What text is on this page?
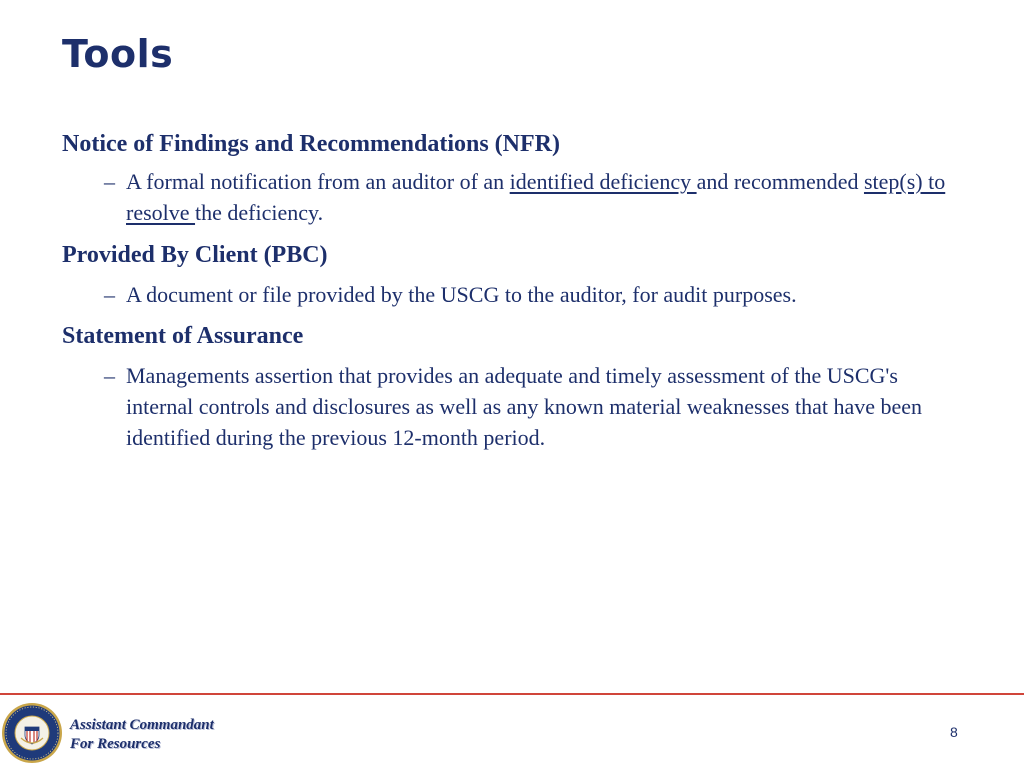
Tools
Notice of Findings and Recommendations (NFR)

– A formal notification from an auditor of an identified deficiency and recommended step(s) to resolve the deficiency.

Provided By Client (PBC)

– A document or file provided by the USCG to the auditor, for audit purposes.

Statement of Assurance

– Managements assertion that provides an adequate and timely assessment of the USCG's internal controls and disclosures as well as any known material weaknesses that have been identified during the previous 12-month period.

Assistant Commandant
For Resources
8
